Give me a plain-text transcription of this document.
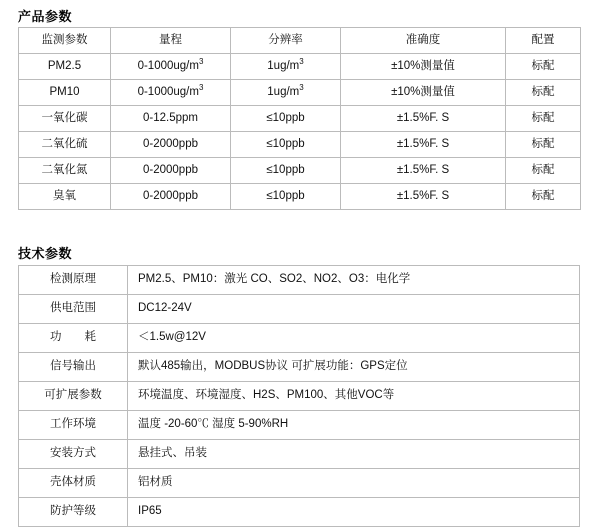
产品参数
监测参数	量程	分辨率	准确度	配置
PM2.5	$0-1000ug/m^3$	$1ug/m^3$	±10%测量值	标配
PM10	$0-1000ug/m^3$	$1ug/m^3$	±10%测量值	标配
一氧化碳	0-12.5ppm	≤10ppb	±1.5%F. S	标配
二氧化硫	0-2000ppb	≤10ppb	±1.5%F. S	标配
二氧化氮	0-2000ppb	≤10ppb	±1.5%F. S	标配
臭氧	0-2000ppb	≤10ppb	±1.5%F. S	标配
技术参数
检测原理	PM2.5、PM10：激光 CO、SO2、NO2、O3：电化学
供电范围	DC12-24V
功　　耗	＜1.5w@12V
信号输出	默认485输出，MODBUS协议 可扩展功能：GPS定位
可扩展参数	环境温度、环境湿度、H2S、PM100、其他VOC等
工作环境	温度 -20-60℃ 湿度 5-90%RH
安装方式	悬挂式、吊装
壳体材质	铝材质
防护等级	IP65
